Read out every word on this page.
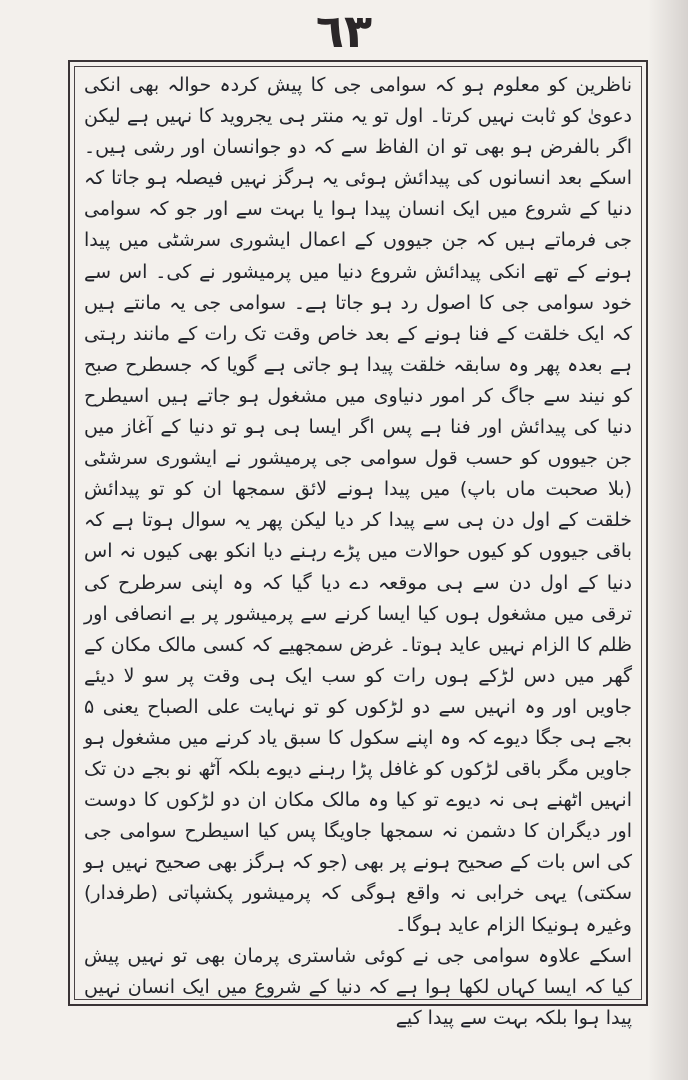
٦٣

ناظرین کو معلوم ہو کہ سوامی جی کا پیش کردہ حوالہ بھی انکی دعویٰ کو ثابت نہیں کرتا۔ اول تو یہ منتر ہی یجروید کا نہیں ہے لیکن اگر بالفرض ہو بھی تو ان الفاظ سے کہ دو جوانسان اور رشی ہیں۔ اسکے بعد انسانوں کی پیدائش ہوئی یہ ہرگز نہیں فیصلہ ہو جاتا کہ دنیا کے شروع میں ایک انسان پیدا ہوا یا بہت سے اور جو کہ سوامی جی فرماتے ہیں کہ جن جیووں کے اعمال ایشوری سرشٹی میں پیدا ہونے کے تھے انکی پیدائش شروع دنیا میں پرمیشور نے کی۔ اس سے خود سوامی جی کا اصول رد ہو جاتا ہے۔ سوامی جی یہ مانتے ہیں کہ ایک خلقت کے فنا ہونے کے بعد خاص وقت تک رات کے مانند رہتی ہے بعدہ پھر وہ سابقہ خلقت پیدا ہو جاتی ہے گویا کہ جسطرح صبح کو نیند سے جاگ کر امور دنیاوی میں مشغول ہو جاتے ہیں اسیطرح دنیا کی پیدائش اور فنا ہے پس اگر ایسا ہی ہو تو دنیا کے آغاز میں جن جیووں کو حسب قول سوامی جی پرمیشور نے ایشوری سرشٹی (بلا صحبت ماں باپ) میں پیدا ہونے لائق سمجھا ان کو تو پیدائش خلقت کے اول دن ہی سے پیدا کر دیا لیکن پھر یہ سوال ہوتا ہے کہ باقی جیووں کو کیوں حوالات میں پڑے رہنے دیا انکو بھی کیوں نہ اس دنیا کے اول دن سے ہی موقعہ دے دیا گیا کہ وہ اپنی سرطرح کی ترقی میں مشغول ہوں کیا ایسا کرنے سے پرمیشور پر بے انصافی اور ظلم کا الزام نہیں عاید ہوتا۔ غرض سمجھیے کہ کسی مالک مکان کے گھر میں دس لڑکے ہوں رات کو سب ایک ہی وقت پر سو لا دیئے جاویں اور وہ انہیں سے دو لڑکوں کو تو نہایت علی الصباح یعنی ۵ بجے ہی جگا دیوے کہ وہ اپنے سکول کا سبق یاد کرنے میں مشغول ہو جاویں مگر باقی لڑکوں کو غافل پڑا رہنے دیوے بلکہ آٹھ نو بجے دن تک انہیں اٹھنے ہی نہ دیوے تو کیا وہ مالک مکان ان دو لڑکوں کا دوست اور دیگران کا دشمن نہ سمجھا جاویگا پس کیا اسیطرح سوامی جی کی اس بات کے صحیح ہونے پر بھی (جو کہ ہرگز بھی صحیح نہیں ہو سکتی) یہی خرابی نہ واقع ہوگی کہ پرمیشور پکشپاتی (طرفدار) وغیرہ ہونیکا الزام عاید ہوگا۔

اسکے علاوہ سوامی جی نے کوئی شاستری پرمان بھی تو نہیں پیش کیا کہ ایسا کہاں لکھا ہوا ہے کہ دنیا کے شروع میں ایک انسان نہیں پیدا ہوا بلکہ بہت سے پیدا کیے
